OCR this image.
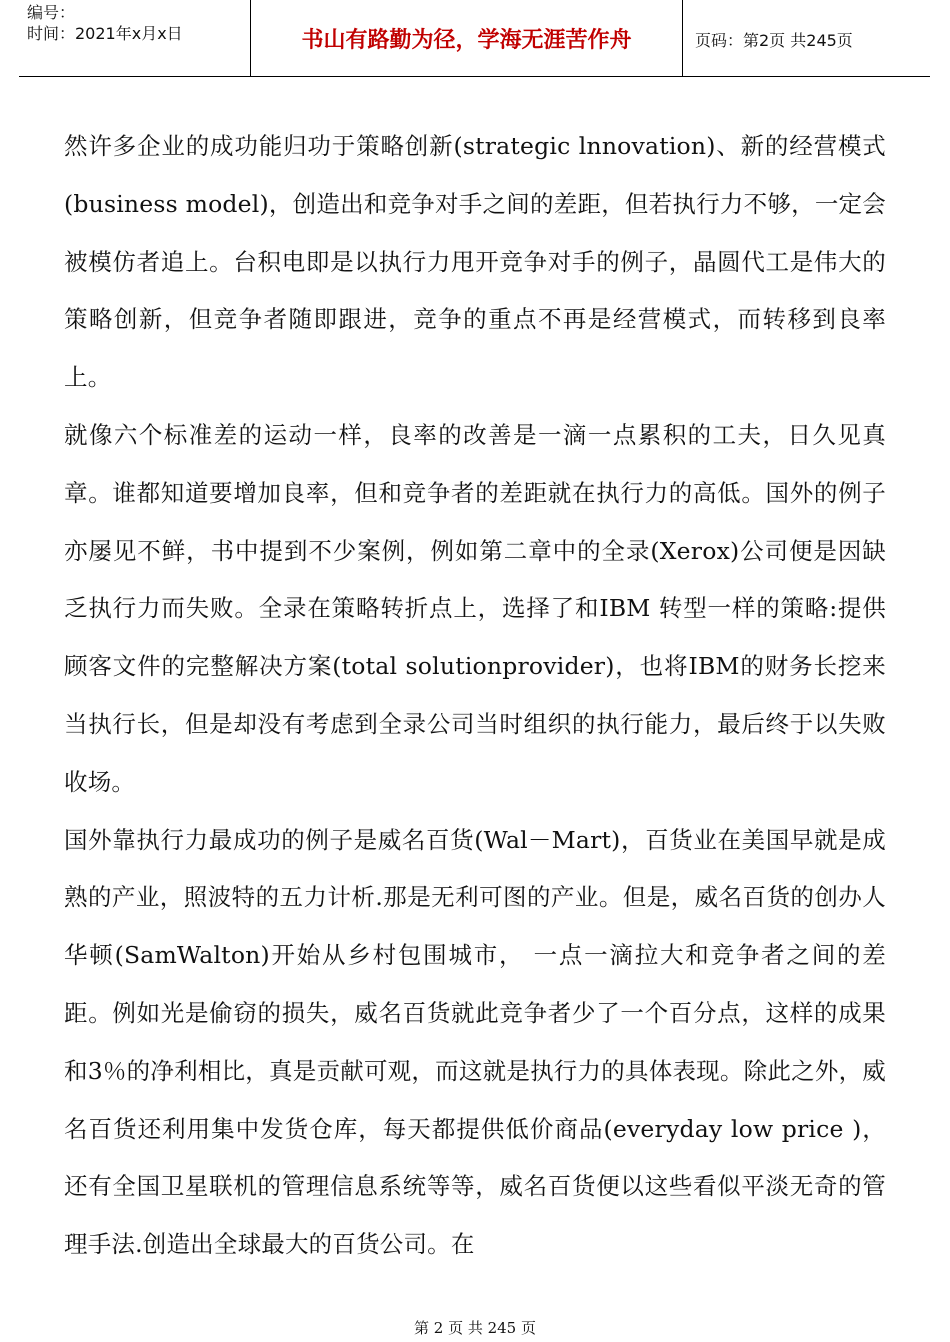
编号：
时间：2021年x月x日	书山有路勤为径，学海无涯苦作舟	页码：第2页 共245页

然许多企业的成功能归功于策略创新(strategic lnnovation)、新的经营模式(business model)，创造出和竞争对手之间的差距，但若执行力不够，一定会被模仿者追上。台积电即是以执行力甩开竞争对手的例子，晶圆代工是伟大的策略创新，但竞争者随即跟进，竞争的重点不再是经营模式，而转移到良率上。

就像六个标准差的运动一样，良率的改善是一滴一点累积的工夫，日久见真章。谁都知道要增加良率，但和竞争者的差距就在执行力的高低。国外的例子亦屡见不鲜，书中提到不少案例，例如第二章中的全录(Xerox)公司便是因缺乏执行力而失败。全录在策略转折点上，选择了和IBM 转型一样的策略:提供顾客文件的完整解决方案(total solutionprovider)，也将IBM的财务长挖来当执行长，但是却没有考虑到全录公司当时组织的执行能力，最后终于以失败收场。

国外靠执行力最成功的例子是威名百货(Wal－Mart)，百货业在美国早就是成熟的产业，照波特的五力计析.那是无利可图的产业。但是，威名百货的创办人华顿(SamWalton)开始从乡村包围城市， 一点一滴拉大和竞争者之间的差距。例如光是偷窃的损失，威名百货就此竞争者少了一个百分点，这样的成果和3％的净利相比，真是贡献可观，而这就是执行力的具体表现。除此之外，威名百货还利用集中发货仓库，每天都提供低价商品(everyday low price )，还有全国卫星联机的管理信息系统等等，威名百货便以这些看似平淡无奇的管理手法.创造出全球最大的百货公司。在

第 2 页 共 245 页
